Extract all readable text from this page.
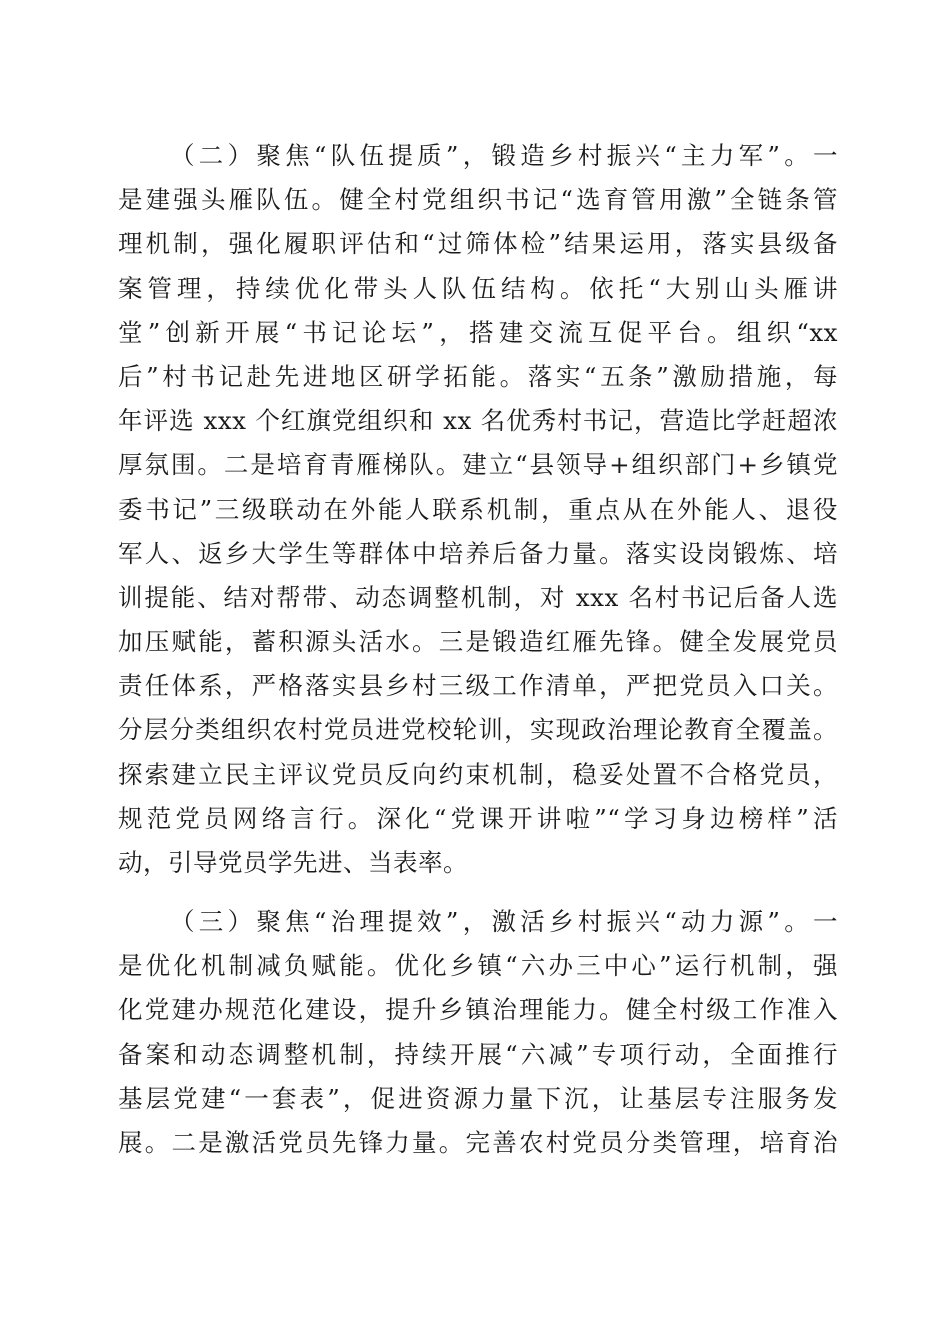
（二）聚焦“队伍提质”，锻造乡村振兴“主力军”。一
是建强头雁队伍。健全村党组织书记“选育管用激”全链条管
理机制，强化履职评估和“过筛体检”结果运用，落实县级备
案管理，持续优化带头人队伍结构。依托“大别山头雁讲
堂”创新开展“书记论坛”，搭建交流互促平台。组织“xx
后”村书记赴先进地区研学拓能。落实“五条”激励措施，每
年评选 xxx 个红旗党组织和 xx 名优秀村书记，营造比学赶超浓
厚氛围。二是培育青雁梯队。建立“县领导+组织部门+乡镇党
委书记”三级联动在外能人联系机制，重点从在外能人、退役
军人、返乡大学生等群体中培养后备力量。落实设岗锻炼、培
训提能、结对帮带、动态调整机制，对 xxx 名村书记后备人选
加压赋能，蓄积源头活水。三是锻造红雁先锋。健全发展党员
责任体系，严格落实县乡村三级工作清单，严把党员入口关。
分层分类组织农村党员进党校轮训，实现政治理论教育全覆盖。
探索建立民主评议党员反向约束机制，稳妥处置不合格党员，
规范党员网络言行。深化“党课开讲啦”“学习身边榜样”活
动，引导党员学先进、当表率。
（三）聚焦“治理提效”，激活乡村振兴“动力源”。一
是优化机制减负赋能。优化乡镇“六办三中心”运行机制，强
化党建办规范化建设，提升乡镇治理能力。健全村级工作准入
备案和动态调整机制，持续开展“六减”专项行动，全面推行
基层党建“一套表”，促进资源力量下沉，让基层专注服务发
展。二是激活党员先锋力量。完善农村党员分类管理，培育治
